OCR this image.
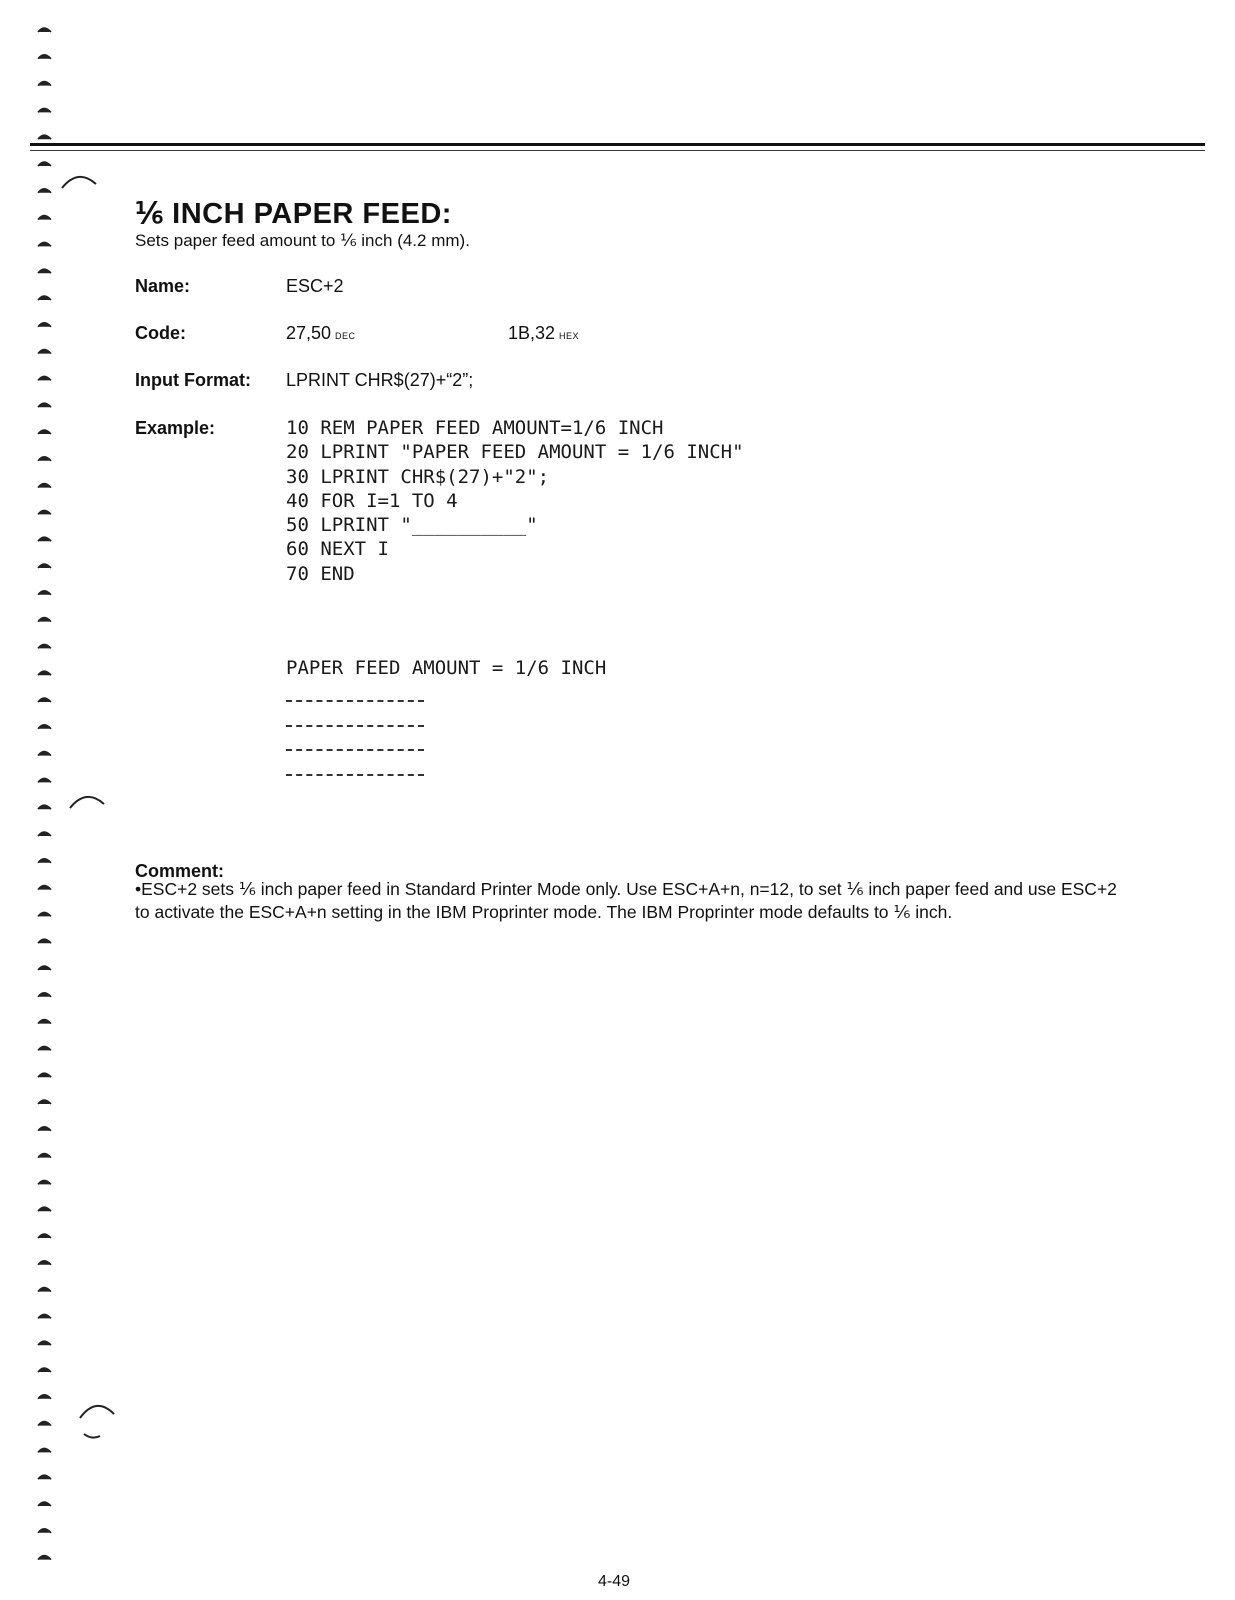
⅙ INCH PAPER FEED:

Sets paper feed amount to ⅙ inch (4.2 mm).

Name:	ESC+2
Code:	27,50 DEC	1B,32 HEX
Input Format: LPRINT CHR$(27)+“2”;
Example:	10 REM PAPER FEED AMOUNT=1/6 INCH
20 LPRINT "PAPER FEED AMOUNT = 1/6 INCH"
30 LPRINT CHR$(27)+"2";
40 FOR I=1 TO 4
50 LPRINT "__________"
60 NEXT I
70 END
PAPER FEED AMOUNT = 1/6 INCH
Comment:

•ESC+2 sets ⅙ inch paper feed in Standard Printer Mode only. Use ESC+A+n, n=12, to set ⅙ inch paper feed and use ESC+2 to activate the ESC+A+n setting in the IBM Proprinter mode. The IBM Proprinter mode defaults to ⅙ inch.

4-49
